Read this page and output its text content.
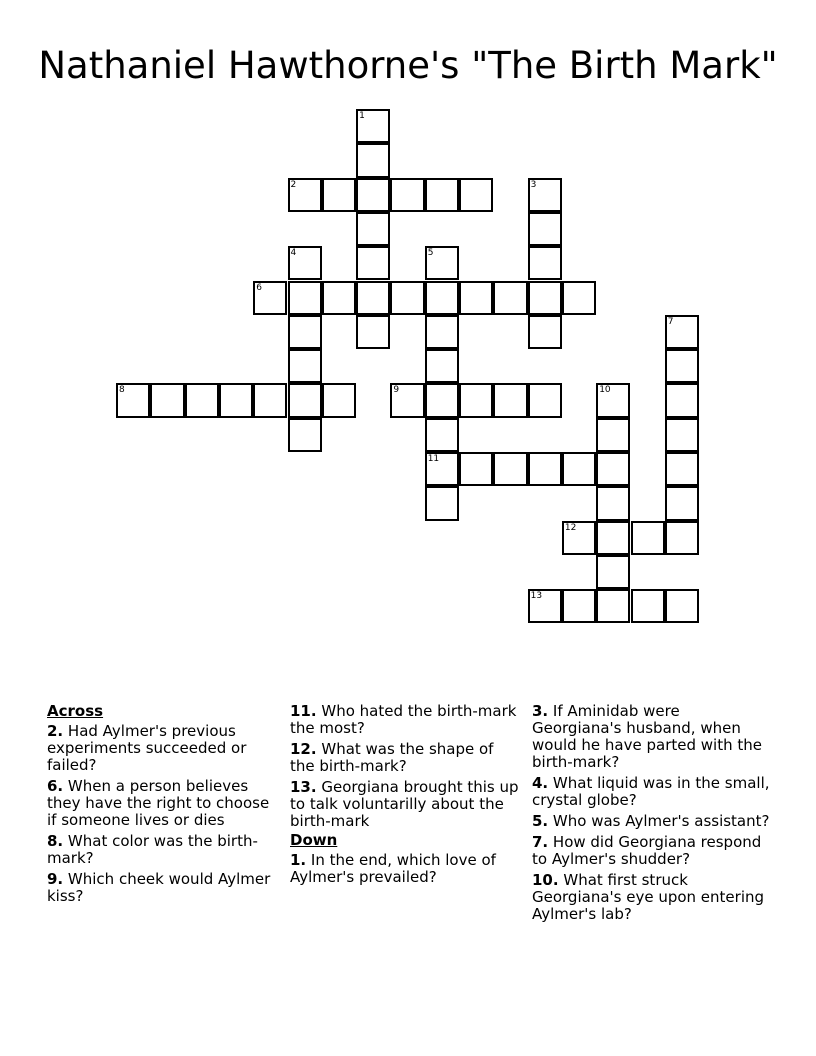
Nathaniel Hawthorne's "The Birth Mark"
1
2	3
4	5
11
6
7
8	9	10
12
13
Across
2. Had Aylmer's previous experiments succeeded or failed?
6. When a person believes they have the right to choose if someone lives or dies
8. What color was the birth-mark?
9. Which cheek would Aylmer kiss?
11. Who hated the birth-mark the most?
12. What was the shape of the birth-mark?
13. Georgiana brought this up to talk voluntarilly about the birth-mark
Down
1. In the end, which love of Aylmer's prevailed?
3. If Aminidab were Georgiana's husband, when would he have parted with the birth-mark?
4. What liquid was in the small, crystal globe?
5. Who was Aylmer's assistant?
7. How did Georgiana respond to Aylmer's shudder?
10. What first struck Georgiana's eye upon entering Aylmer's lab?
